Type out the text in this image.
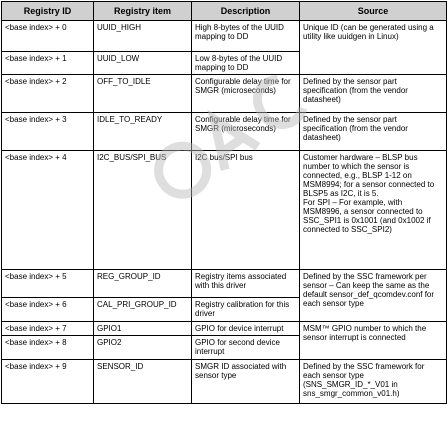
Registry ID	Registry item	Description	Source
<base index> + 0	UUID_HIGH	High 8-bytes of the UUID mapping to DD	Unique ID (can be generated using a utility like uuidgen in Linux)
<base index> + 1	UUID_LOW	Low 8-bytes of the UUID mapping to DD	
<base index> + 2	OFF_TO_IDLE	Configurable delay time for SMGR (microseconds)	Defined by the sensor part specification (from the vendor datasheet)
<base index> + 3	IDLE_TO_READY	Configurable delay time for SMGR (microseconds)	Defined by the sensor part specification (from the vendor datasheet)
<base index> + 4	I2C_BUS/SPI_BUS	I2C bus/SPI bus	Customer hardware – BLSP bus number to which the sensor is connected, e.g., BLSP 1-12 on MSM8994; for a sensor connected to BLSP5 as I2C, it is 5.
For SPI – For example, with MSM8996, a sensor connected to SSC_SPI1 is 0x1001 (and 0x1002 if connected to SSC_SPI2)
<base index> + 5	REG_GROUP_ID	Registry items associated with this driver	Defined by the SSC framework per sensor – Can keep the same as the default sensor_def_qcomdev.conf for each sensor type
<base index> + 6	CAL_PRI_GROUP_ID	Registry calibration for this driver	
<base index> + 7	GPIO1	GPIO for device interrupt	MSM™ GPIO number to which the sensor interrupt is connected
<base index> + 8	GPIO2	GPIO for second device interrupt	
<base index> + 9	SENSOR_ID	SMGR ID associated with sensor type	Defined by the SSC framework for each sensor type (SNS_SMGR_ID_*_V01 in sns_smgr_common_v01.h)
